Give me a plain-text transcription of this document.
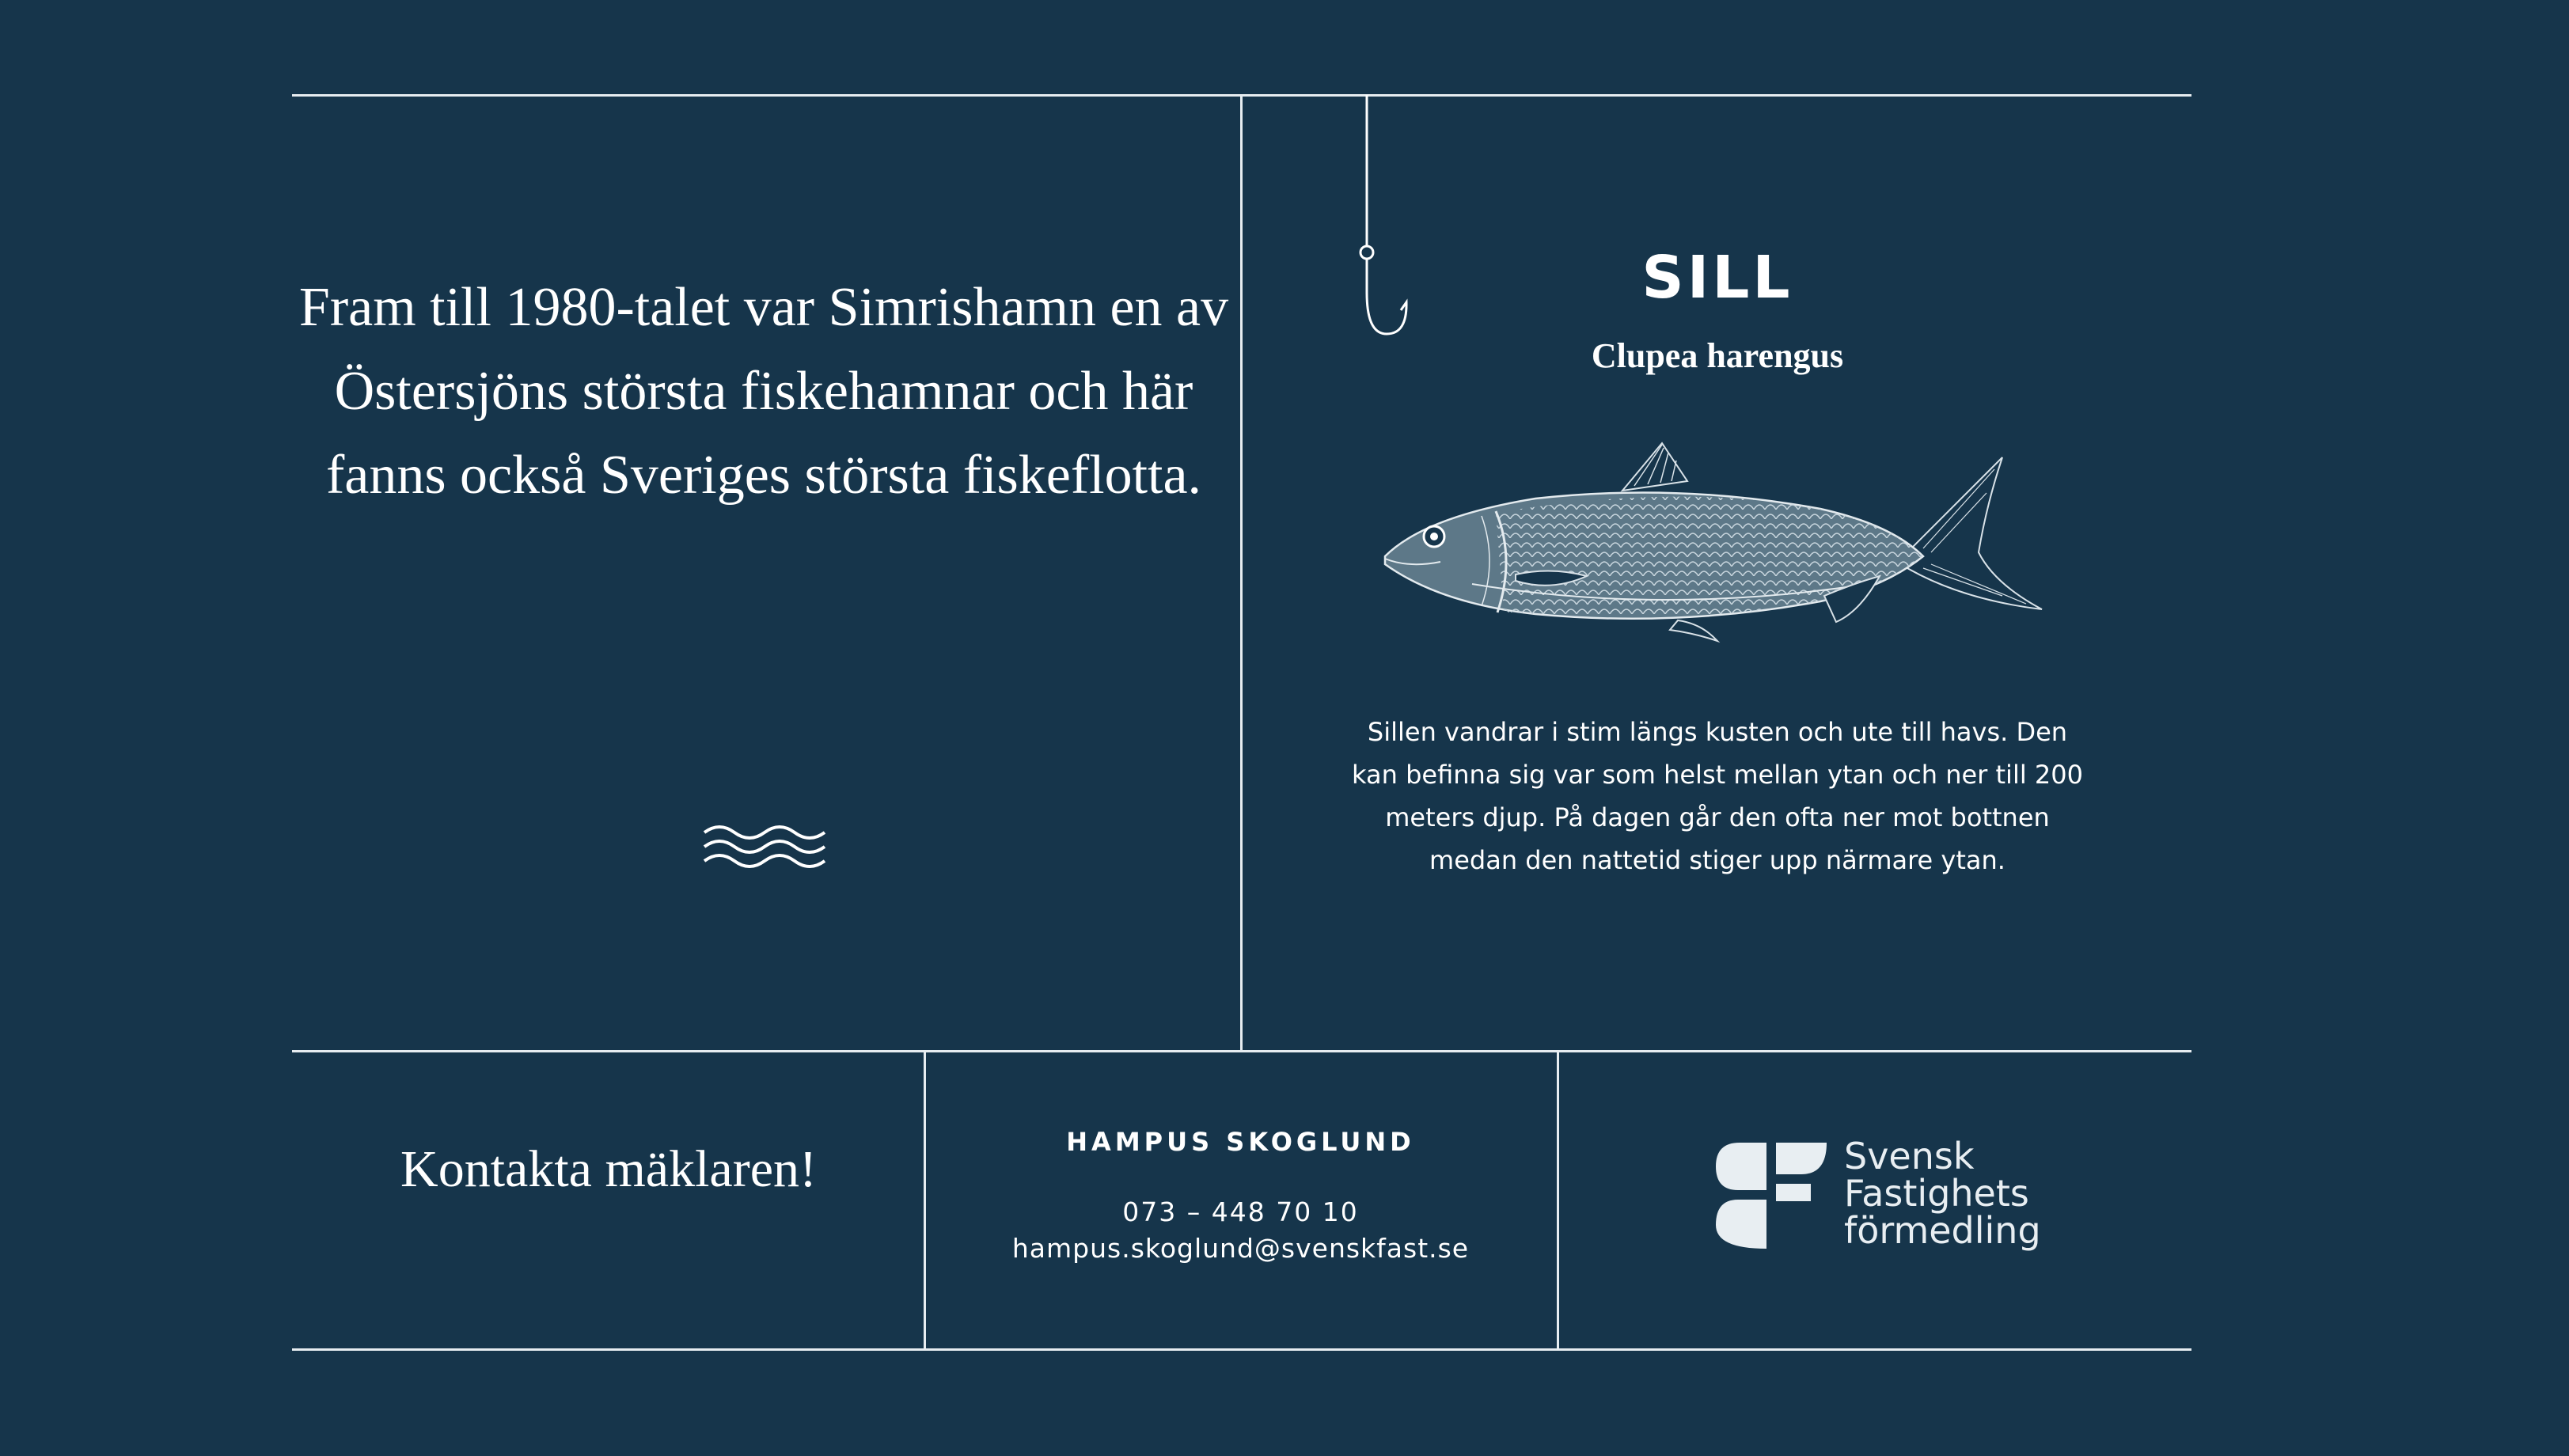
Fram till 1980-talet var Simrishamn en av Östersjöns största fiskehamnar och här fanns också Sveriges största fiskeflotta.
SILL
Clupea harengus
Sillen vandrar i stim längs kusten och ute till havs. Den kan befinna sig var som helst mellan ytan och ner till 200 meters djup. På dagen går den ofta ner mot bottnen medan den nattetid stiger upp närmare ytan.
Kontakta mäklaren!	HAMPUS SKOGLUND
073 – 448 70 10
hampus.skoglund@svenskfast.se
Svensk
Fastighets
förmedling
